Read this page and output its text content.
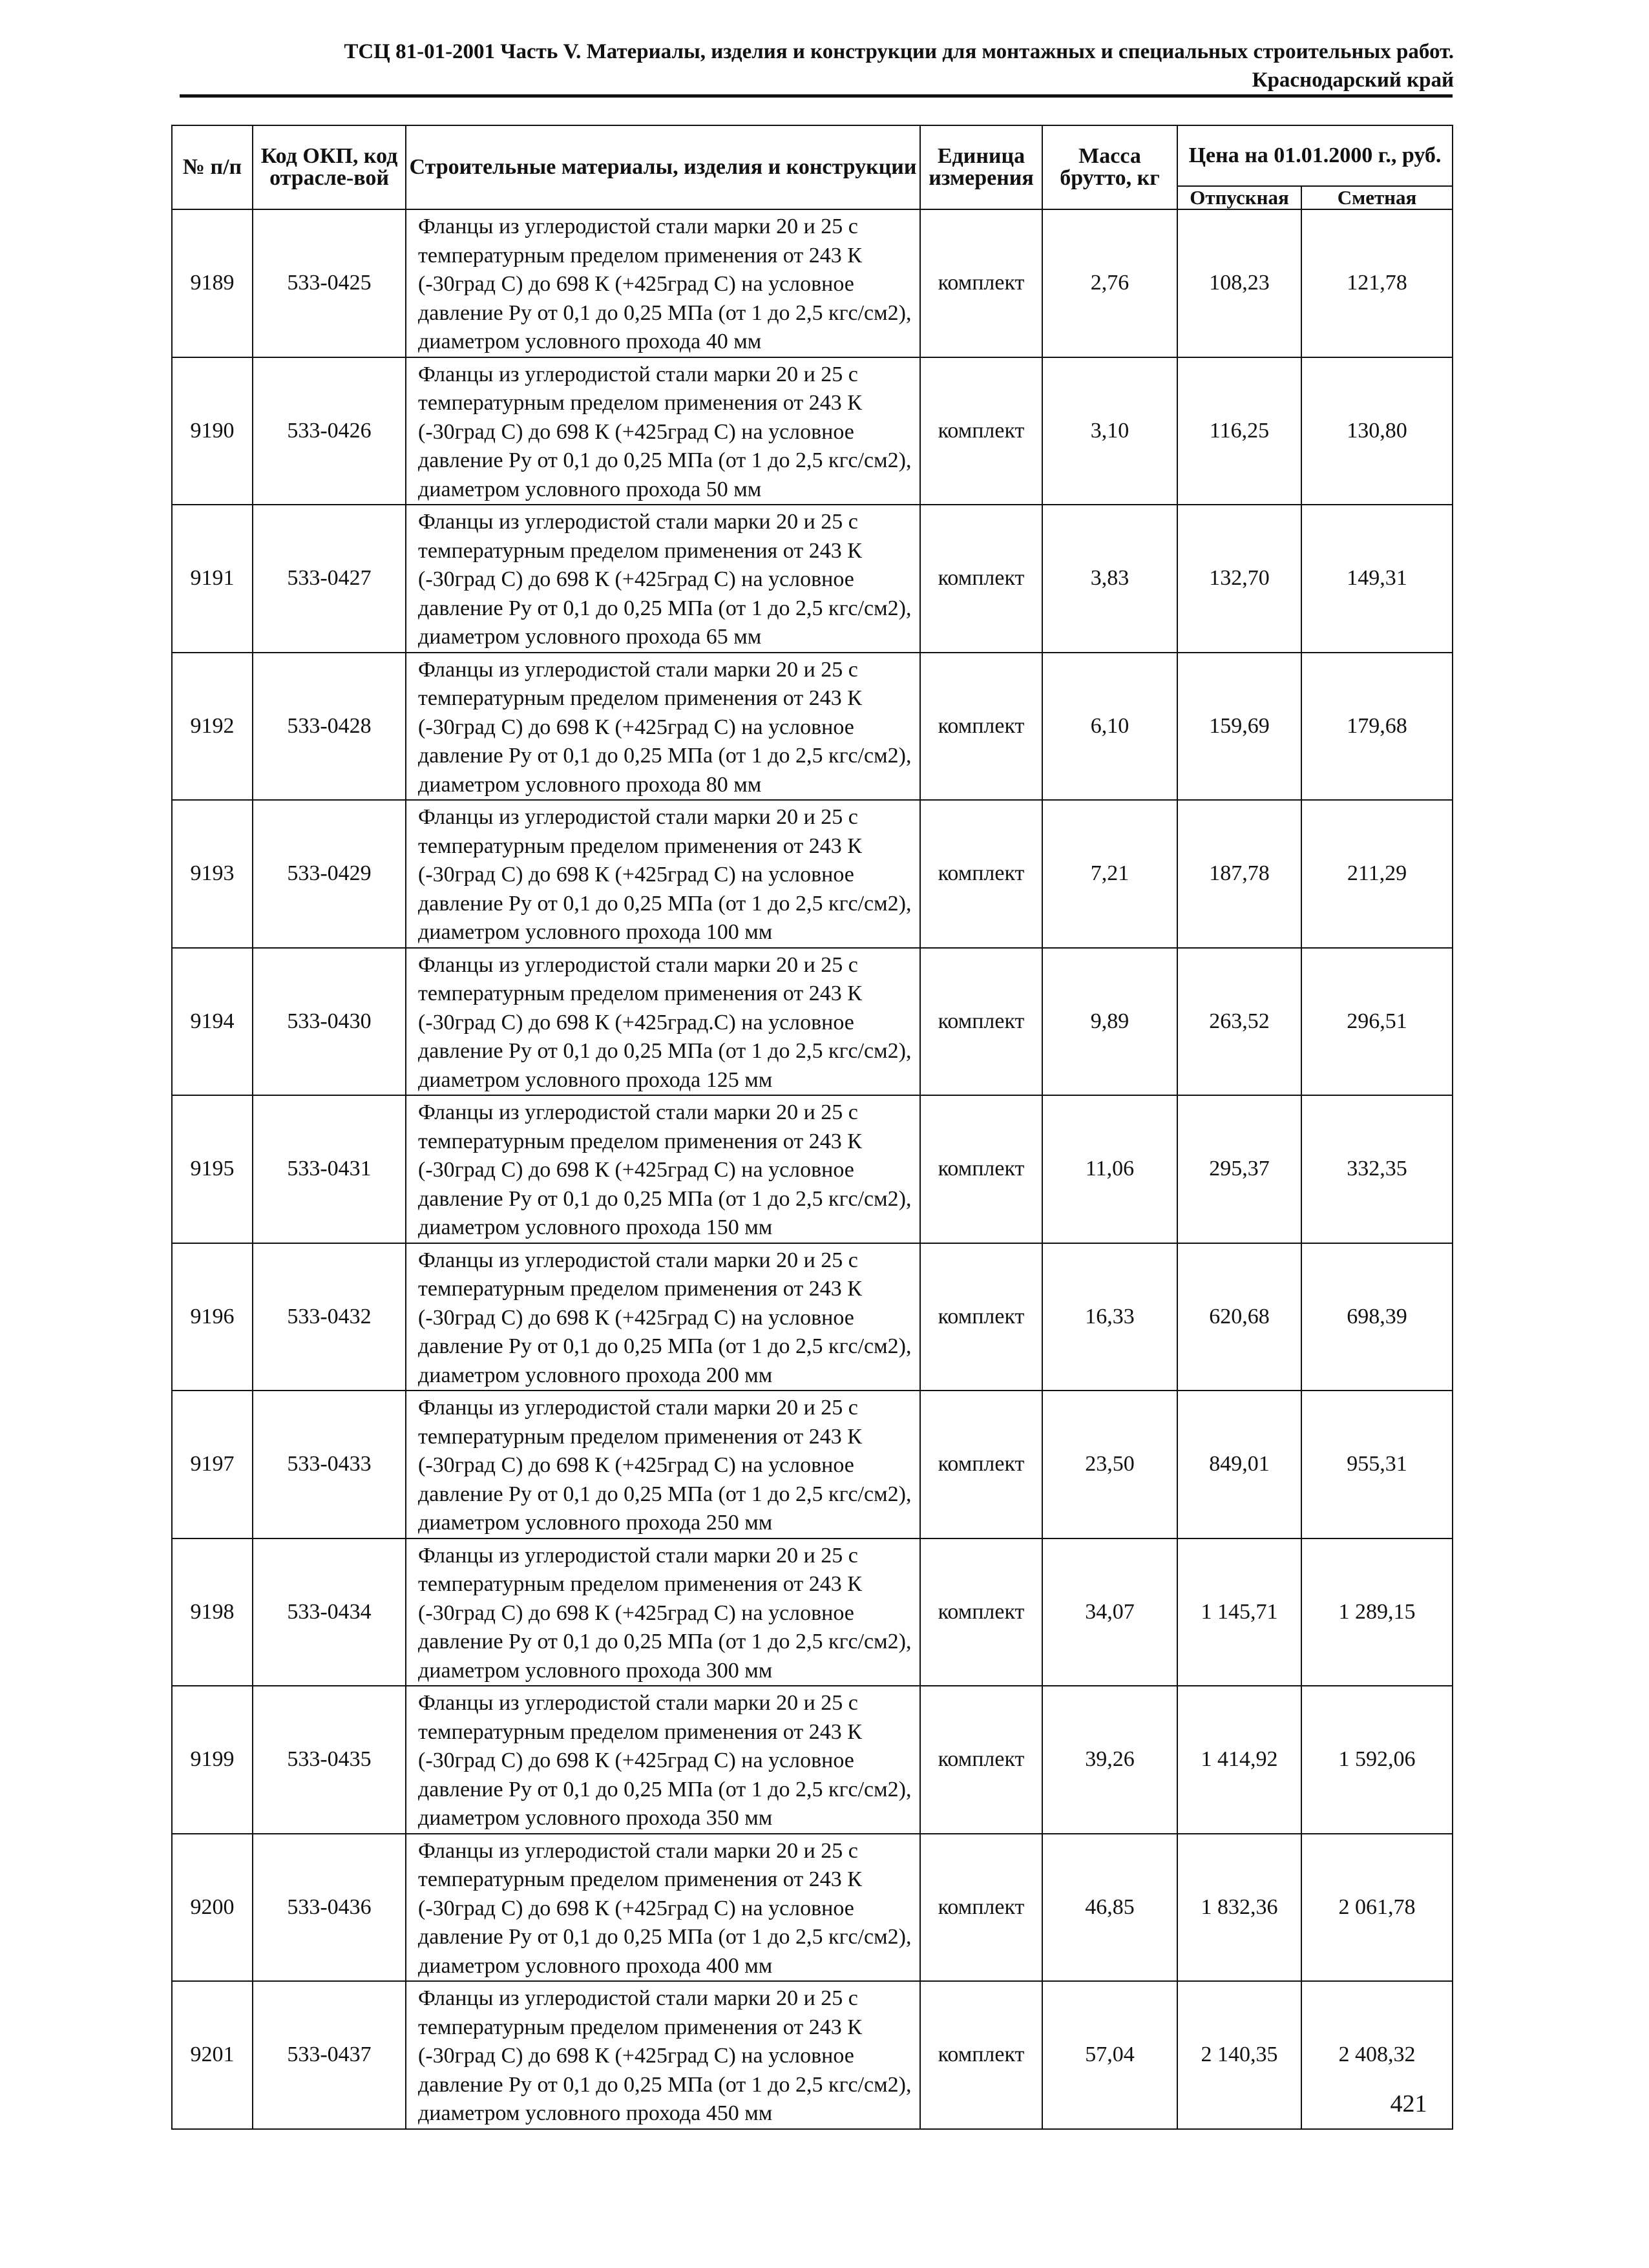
ТСЦ 81-01-2001 Часть V. Материалы, изделия и конструкции для монтажных и специальных строительных работ.
Краснодарский край
№ п/п	Код ОКП, код отрасле-вой	Строительные материалы, изделия и конструкции	Единица измерения	Масса брутто, кг	Цена на 01.01.2000 г., руб.	
					Отпускная	Сметная
9189	533-0425	Фланцы из углеродистой стали марки 20 и 25 с температурным пределом применения от 243 К (-30град С) до 698 К (+425град С) на условное давление Ру от 0,1 до 0,25 МПа (от 1 до 2,5 кгс/см2), диаметром условного прохода 40 мм	комплект	2,76	108,23	121,78
9190	533-0426	Фланцы из углеродистой стали марки 20 и 25 с температурным пределом применения от 243 К (-30град С) до 698 К (+425град С) на условное давление Ру от 0,1 до 0,25 МПа (от 1 до 2,5 кгс/см2), диаметром условного прохода 50 мм	комплект	3,10	116,25	130,80
9191	533-0427	Фланцы из углеродистой стали марки 20 и 25 с температурным пределом применения от 243 К (-30град С) до 698 К (+425град С) на условное давление Ру от 0,1 до 0,25 МПа (от 1 до 2,5 кгс/см2), диаметром условного прохода 65 мм	комплект	3,83	132,70	149,31
9192	533-0428	Фланцы из углеродистой стали марки 20 и 25 с температурным пределом применения от 243 К (-30град С) до 698 К (+425град С) на условное давление Ру от 0,1 до 0,25 МПа (от 1 до 2,5 кгс/см2), диаметром условного прохода 80 мм	комплект	6,10	159,69	179,68
9193	533-0429	Фланцы из углеродистой стали марки 20 и 25 с температурным пределом применения от 243 К (-30град С) до 698 К (+425град С) на условное давление Ру от 0,1 до 0,25 МПа (от 1 до 2,5 кгс/см2), диаметром условного прохода 100 мм	комплект	7,21	187,78	211,29
9194	533-0430	Фланцы из углеродистой стали марки 20 и 25 с температурным пределом применения от 243 К (-30град С) до 698 К (+425град.С) на условное давление Ру от 0,1 до 0,25 МПа (от 1 до 2,5 кгс/см2), диаметром условного прохода 125 мм	комплект	9,89	263,52	296,51
9195	533-0431	Фланцы из углеродистой стали марки 20 и 25 с температурным пределом применения от 243 К (-30град С) до 698 К (+425град С) на условное давление Ру от 0,1 до 0,25 МПа (от 1 до 2,5 кгс/см2), диаметром условного прохода 150 мм	комплект	11,06	295,37	332,35
9196	533-0432	Фланцы из углеродистой стали марки 20 и 25 с температурным пределом применения от 243 К (-30град С) до 698 К (+425град С) на условное давление Ру от 0,1 до 0,25 МПа (от 1 до 2,5 кгс/см2), диаметром условного прохода 200 мм	комплект	16,33	620,68	698,39
9197	533-0433	Фланцы из углеродистой стали марки 20 и 25 с температурным пределом применения от 243 К (-30град С) до 698 К (+425град С) на условное давление Ру от 0,1 до 0,25 МПа (от 1 до 2,5 кгс/см2), диаметром условного прохода 250 мм	комплект	23,50	849,01	955,31
9198	533-0434	Фланцы из углеродистой стали марки 20 и 25 с температурным пределом применения от 243 К (-30град С) до 698 К (+425град С) на условное давление Ру от 0,1 до 0,25 МПа (от 1 до 2,5 кгс/см2), диаметром условного прохода 300 мм	комплект	34,07	1 145,71	1 289,15
9199	533-0435	Фланцы из углеродистой стали марки 20 и 25 с температурным пределом применения от 243 К (-30град С) до 698 К (+425град С) на условное давление Ру от 0,1 до 0,25 МПа (от 1 до 2,5 кгс/см2), диаметром условного прохода 350 мм	комплект	39,26	1 414,92	1 592,06
9200	533-0436	Фланцы из углеродистой стали марки 20 и 25 с температурным пределом применения от 243 К (-30град С) до 698 К (+425град С) на условное давление Ру от 0,1 до 0,25 МПа (от 1 до 2,5 кгс/см2), диаметром условного прохода 400 мм	комплект	46,85	1 832,36	2 061,78
9201	533-0437	Фланцы из углеродистой стали марки 20 и 25 с температурным пределом применения от 243 К (-30град С) до 698 К (+425град С) на условное давление Ру от 0,1 до 0,25 МПа (от 1 до 2,5 кгс/см2), диаметром условного прохода 450 мм	комплект	57,04	2 140,35	2 408,32
421
